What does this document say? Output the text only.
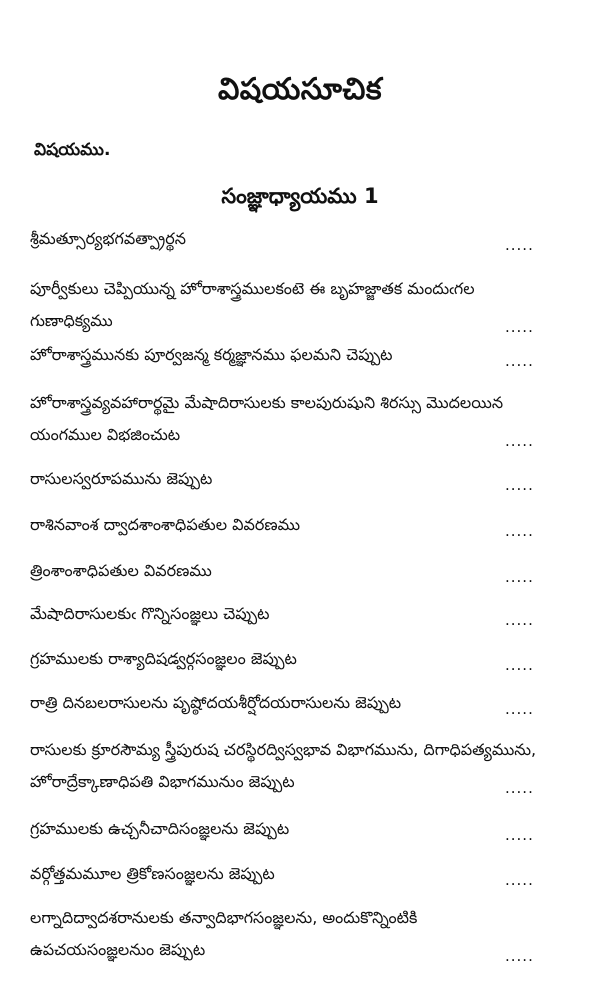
విషయసూచిక
విషయము.
సంజ్ఞాధ్యాయము 1
శ్రీమత్సూర్యభగవత్ప్రార్థన	.....
పూర్వీకులు చెప్పియున్న హోరాశాస్త్రములకంటె ఈ బృహజ్జాతక మందుఁగల
గుణాధిక్యము	.....
హోరాశాస్త్రమునకు పూర్వజన్మ కర్మజ్ఞానము ఫలమని చెప్పుట	.....
హోరాశాస్త్రవ్యవహారార్థమై మేషాదిరాసులకు కాలపురుషుని శిరస్సు మొదలయిన
యంగముల విభజించుట	.....
రాసులస్వరూపమును జెప్పుట	.....
రాశినవాంశ ద్వాదశాంశాధిపతుల వివరణము	.....
త్రింశాంశాధిపతుల వివరణము	.....
మేషాదిరాసులకుఁ గొన్నిసంజ్ఞలు చెప్పుట	.....
గ్రహములకు రాశ్యాదిషడ్వర్గసంజ్ఞలం జెప్పుట	.....
రాత్రి దినబలరాసులను పృష్ఠోదయశీర్షోదయరాసులను జెప్పుట	.....
రాసులకు క్రూరసౌమ్య స్త్రీపురుష చరస్థిరద్విస్వభావ విభాగమును, దిగాధిపత్యమును,
హోరాద్రేక్కాణాధిపతి విభాగమునుం జెప్పుట	.....
గ్రహములకు ఉచ్చనీచాదిసంజ్ఞలను జెప్పుట	.....
వర్గోత్తమమూల త్రికోణసంజ్ఞలను జెప్పుట	.....
లగ్నాదిద్వాదశరానులకు తన్వాదిభాగసంజ్ఞలను, అందుకొన్నింటికి
ఉపచయసంజ్ఞలనుం జెప్పుట	.....
